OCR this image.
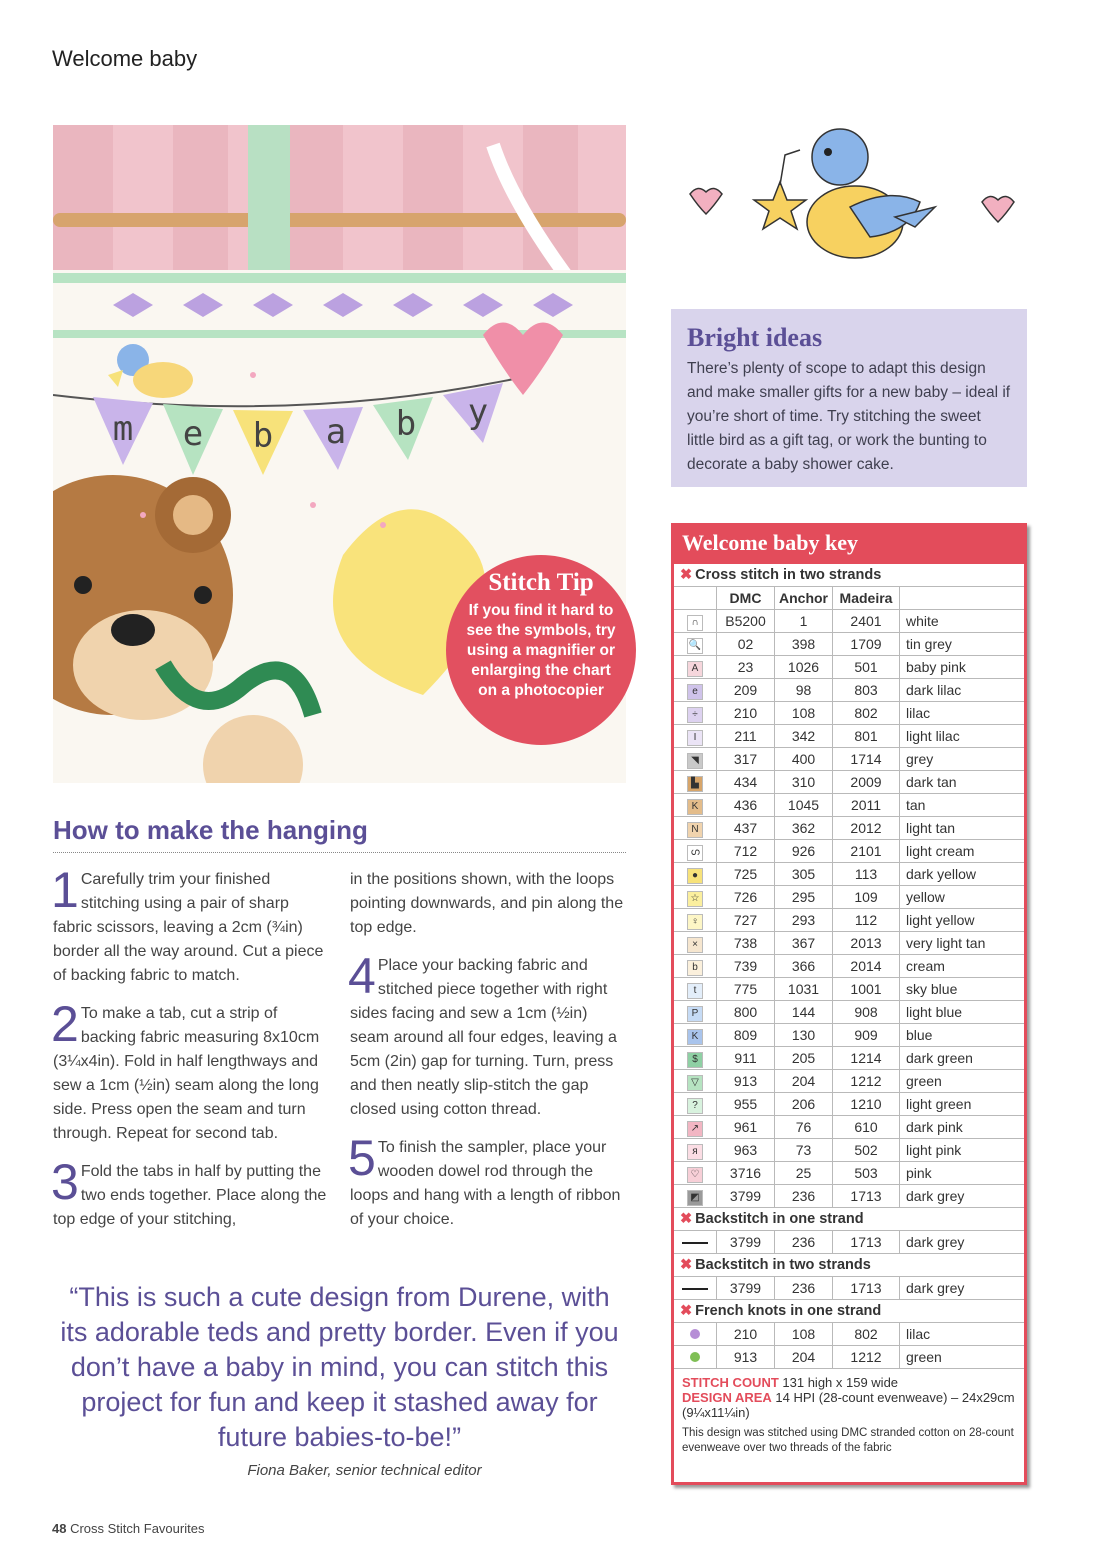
Welcome baby
m e b a b y
Stitch Tip

If you find it hard to see the symbols, try using a magnifier or enlarging the chart on a photocopier

Bright ideas

There’s plenty of scope to adapt this design and make smaller gifts for a new baby – ideal if you’re short of time. Try stitching the sweet little bird as a gift tag, or work the bunting to decorate a baby shower cake.

Welcome baby key
✖ Cross stitch in two strands				
	DMC	Anchor	Madeira	
∩	B5200	1	2401	white
🔍	02	398	1709	tin grey
A	23	1026	501	baby pink
e	209	98	803	dark lilac
÷	210	108	802	lilac
I	211	342	801	light lilac
◥	317	400	1714	grey
▙	434	310	2009	dark tan
K	436	1045	2011	tan
N	437	362	2012	light tan
ഗ	712	926	2101	light cream
●	725	305	113	dark yellow
☆	726	295	109	yellow
♀	727	293	112	light yellow
×	738	367	2013	very light tan
b	739	366	2014	cream
t	775	1031	1001	sky blue
P	800	144	908	light blue
K	809	130	909	blue
$	911	205	1214	dark green
▽	913	204	1212	green
?	955	206	1210	light green
↗	961	76	610	dark pink
я	963	73	502	light pink
♡	3716	25	503	pink
◩	3799	236	1713	dark grey
✖ Backstitch in one strand				
	3799	236	1713	dark grey
✖ Backstitch in two strands				
	3799	236	1713	dark grey
✖ French knots in one strand				
	210	108	802	lilac
	913	204	1212	green
STITCH COUNT 131 high x 159 wide
DESIGN AREA 14 HPI (28-count evenweave) – 24x29cm (9¼x11¼in)
This design was stitched using DMC stranded cotton on 28-count evenweave over two threads of the fabric
How to make the hanging
1 Carefully trim your finished stitching using a pair of sharp fabric scissors, leaving a 2cm (¾in) border all the way around. Cut a piece of backing fabric to match.
2 To make a tab, cut a strip of backing fabric measuring 8x10cm (3¼x4in). Fold in half lengthways and sew a 1cm (½in) seam along the long side. Press open the seam and turn through. Repeat for second tab.
3 Fold the tabs in half by putting the two ends together. Place along the top edge of your stitching,
in the positions shown, with the loops pointing downwards, and pin along the top edge.
4 Place your backing fabric and stitched piece together with right sides facing and sew a 1cm (½in) seam around all four edges, leaving a 5cm (2in) gap for turning. Turn, press and then neatly slip-stitch the gap closed using cotton thread.
5 To finish the sampler, place your wooden dowel rod through the loops and hang with a length of ribbon of your choice.
“This is such a cute design from Durene, with its adorable teds and pretty border. Even if you don’t have a baby in mind, you can stitch this project for fun and keep it stashed away for future babies-to-be!”
Fiona Baker, senior technical editor
48 Cross Stitch Favourites
